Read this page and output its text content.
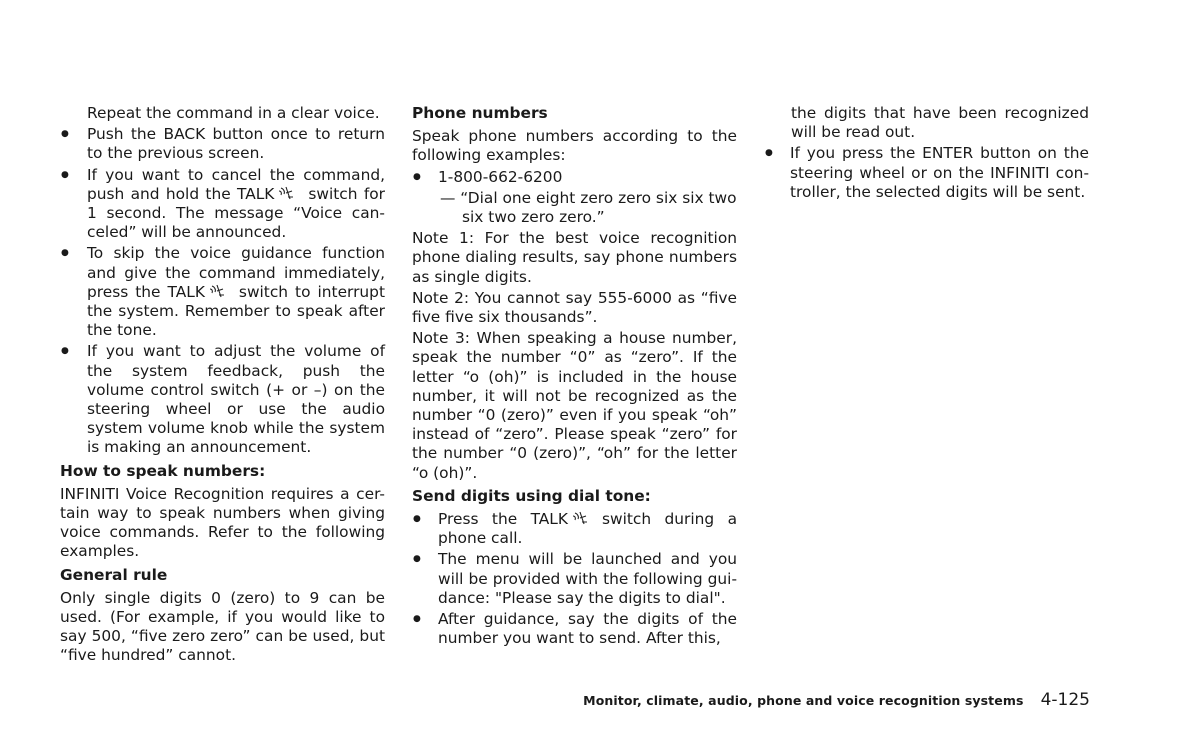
Repeat the command in a clear voice.

● Push the BACK button once to return to the previous screen.
● If you want to cancel the command, push and hold the TALK switch for 1 second. The message “Voice can-celed” will be announced.
● To skip the voice guidance function and give the command immediately, press the TALK switch to interrupt the system. Remember to speak after the tone.
● If you want to adjust the volume of the system feedback, push the volume control switch (+ or –) on the steering wheel or use the audio system volume knob while the system is making an announcement.
How to speak numbers:

INFINITI Voice Recognition requires a cer-tain way to speak numbers when giving voice commands. Refer to the following examples.

General rule

Only single digits 0 (zero) to 9 can be used. (For example, if you would like to say 500, “five zero zero” can be used, but “five hundred” cannot.

Phone numbers

Speak phone numbers according to the following examples:

● 1-800-662-6200

— “Dial one eight zero zero six six two six two zero zero.”

Note 1: For the best voice recognition phone dialing results, say phone numbers as single digits.

Note 2: You cannot say 555-6000 as “five five five six thousands”.

Note 3: When speaking a house number, speak the number “0” as “zero”. If the letter “o (oh)” is included in the house number, it will not be recognized as the number “0 (zero)” even if you speak “oh” instead of “zero”. Please speak “zero” for the number “0 (zero)”, “oh” for the letter “o (oh)”.

Send digits using dial tone:
● Press the TALK switch during a phone call.
● The menu will be launched and you will be provided with the following gui-dance: "Please say the digits to dial".
● After guidance, say the digits of the number you want to send. After this,

the digits that have been recognized will be read out.

● If you press the ENTER button on the steering wheel or on the INFINITI con-troller, the selected digits will be sent.
Monitor, climate, audio, phone and voice recognition systems 4-125
